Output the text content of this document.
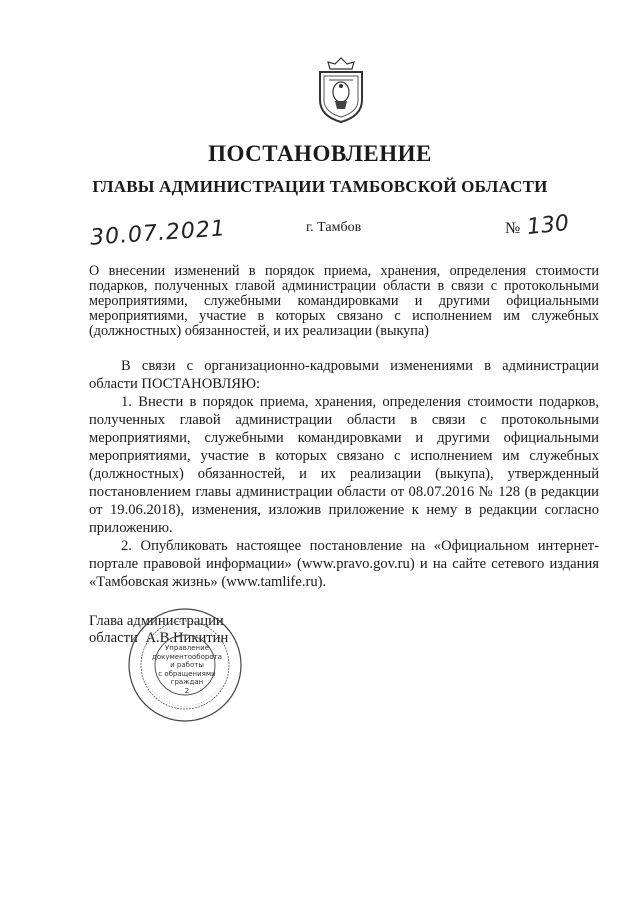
ПОСТАНОВЛЕНИЕ
ГЛАВЫ АДМИНИСТРАЦИИ ТАМБОВСКОЙ ОБЛАСТИ
30.07.2021	г. Тамбов	№ 130
О внесении изменений в порядок приема, хранения, определения стоимости подарков, полученных главой администрации области в связи с протокольными мероприятиями, служебными командировками и другими официальными мероприятиями, участие в которых связано с исполнением им служебных (должностных) обязанностей, и их реализации (выкупа)

В связи с организационно-кадровыми изменениями в администрации области ПОСТАНОВЛЯЮ:

1. Внести в порядок приема, хранения, определения стоимости подарков, полученных главой администрации области в связи с протокольными мероприятиями, служебными командировками и другими официальными мероприятиями, участие в которых связано с исполнением им служебных (должностных) обязанностей, и их реализации (выкупа), утвержденный постановлением главы администрации области от 08.07.2016 № 128 (в редакции от 19.06.2018), изменения, изложив приложение к нему в редакции согласно приложению.

2. Опубликовать настоящее постановление на «Официальном интернет-портале правовой информации» (www.pravo.gov.ru) и на сайте сетевого издания «Тамбовская жизнь» (www.tamlife.ru).

Глава администрации
области А.В.Никитин
Управление
документооборота
и работы
с обращениями
граждан
2
